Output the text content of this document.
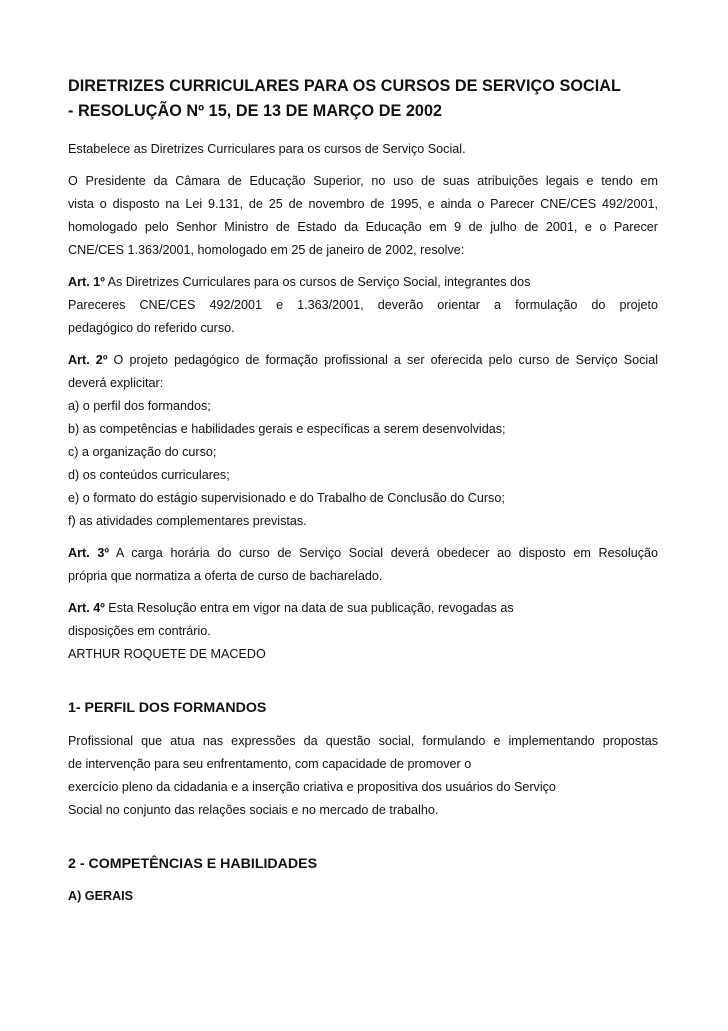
DIRETRIZES CURRICULARES PARA OS CURSOS DE SERVIÇO SOCIAL
- RESOLUÇÃO Nº 15, DE 13 DE MARÇO DE 2002

Estabelece as Diretrizes Curriculares para os cursos de Serviço Social.

O Presidente da Câmara de Educação Superior, no uso de suas atribuições legais e tendo em
vista o disposto na Lei 9.131, de 25 de novembro de 1995, e ainda o Parecer CNE/CES 492/2001,
homologado pelo Senhor Ministro de Estado da Educação em 9 de julho de 2001, e o Parecer
CNE/CES 1.363/2001, homologado em 25 de janeiro de 2002, resolve:

Art. 1º As Diretrizes Curriculares para os cursos de Serviço Social, integrantes dos
Pareceres CNE/CES 492/2001 e 1.363/2001, deverão orientar a formulação do projeto
pedagógico do referido curso.

Art. 2º O projeto pedagógico de formação profissional a ser oferecida pelo curso de Serviço Social
deverá explicitar:
a) o perfil dos formandos;
b) as competências e habilidades gerais e específicas a serem desenvolvidas;
c) a organização do curso;
d) os conteúdos curriculares;
e) o formato do estágio supervisionado e do Trabalho de Conclusão do Curso;
f) as atividades complementares previstas.

Art. 3º A carga horária do curso de Serviço Social deverá obedecer ao disposto em Resolução
própria que normatiza a oferta de curso de bacharelado.

Art. 4º Esta Resolução entra em vigor na data de sua publicação, revogadas as
disposições em contrário.
ARTHUR ROQUETE DE MACEDO

1- PERFIL DOS FORMANDOS

Profissional que atua nas expressões da questão social, formulando e implementando propostas
de intervenção para seu enfrentamento, com capacidade de promover o
exercício pleno da cidadania e a inserção criativa e propositiva dos usuários do Serviço
Social no conjunto das relações sociais e no mercado de trabalho.

2 - COMPETÊNCIAS E HABILIDADES
A) GERAIS
